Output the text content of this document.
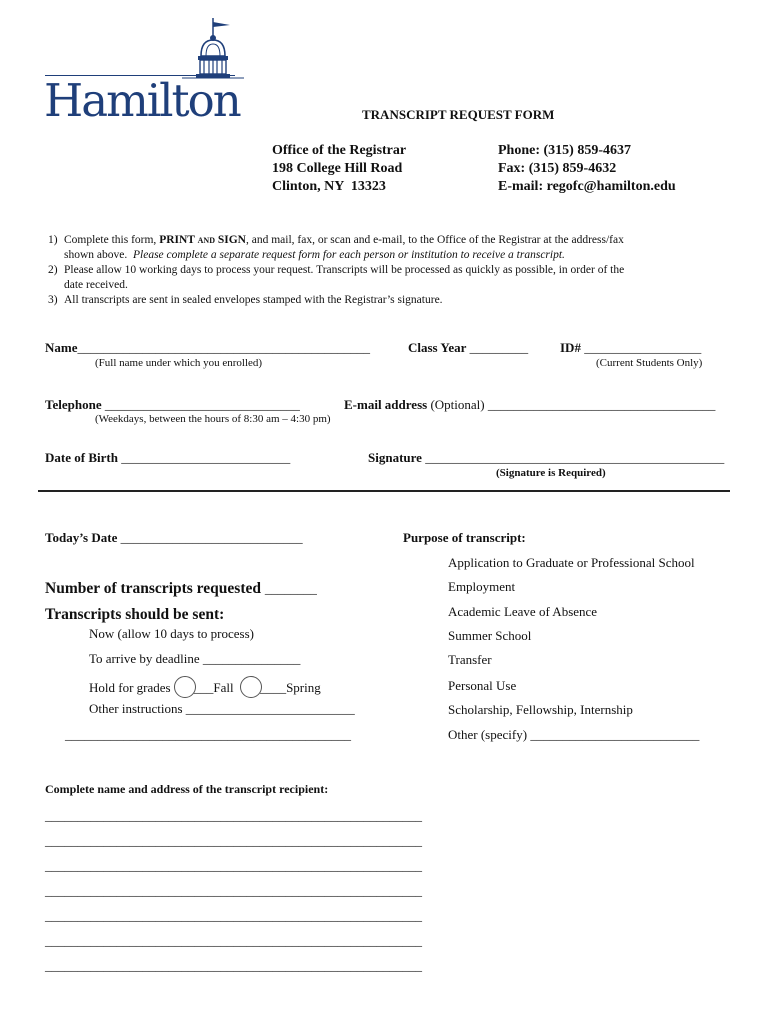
Hamilton	TRANSCRIPT REQUEST FORM
Office of the Registrar
198 College Hill Road
Clinton, NY  13323
Phone: (315) 859-4637
Fax: (315) 859-4632
E-mail: regofc@hamilton.edu
1) Complete this form, PRINT and SIGN, and mail, fax, or scan and e-mail, to the Office of the Registrar at the address/fax
shown above.  Please complete a separate request form for each person or institution to receive a transcript.
2) Please allow 10 working days to process your request. Transcripts will be processed as quickly as possible, in order of the
date received.
3) All transcripts are sent in sealed envelopes stamped with the Registrar’s signature.
Name_____________________________________________
(Full name under which you enrolled)
Class Year _________ ID# __________________
(Current Students Only)
Telephone ______________________________
(Weekdays, between the hours of 8:30 am – 4:30 pm)
E-mail address (Optional) ___________________________________
Date of Birth __________________________	Signature ______________________________________________
(Signature is Required)
Today’s Date ____________________________
Number of transcripts requested ________
Transcripts should be sent:
Now (allow 10 days to process)
To arrive by deadline _______________
Hold for grades ___Fall ____Spring
Other instructions __________________________
____________________________________________
Purpose of transcript:
Application to Graduate or Professional School
Employment
Academic Leave of Absence
Summer School
Transfer
Personal Use
Scholarship, Fellowship, Internship
Other (specify) __________________________
Complete name and address of the transcript recipient:
__________________________________________________________
__________________________________________________________
__________________________________________________________
__________________________________________________________
__________________________________________________________
__________________________________________________________
__________________________________________________________
